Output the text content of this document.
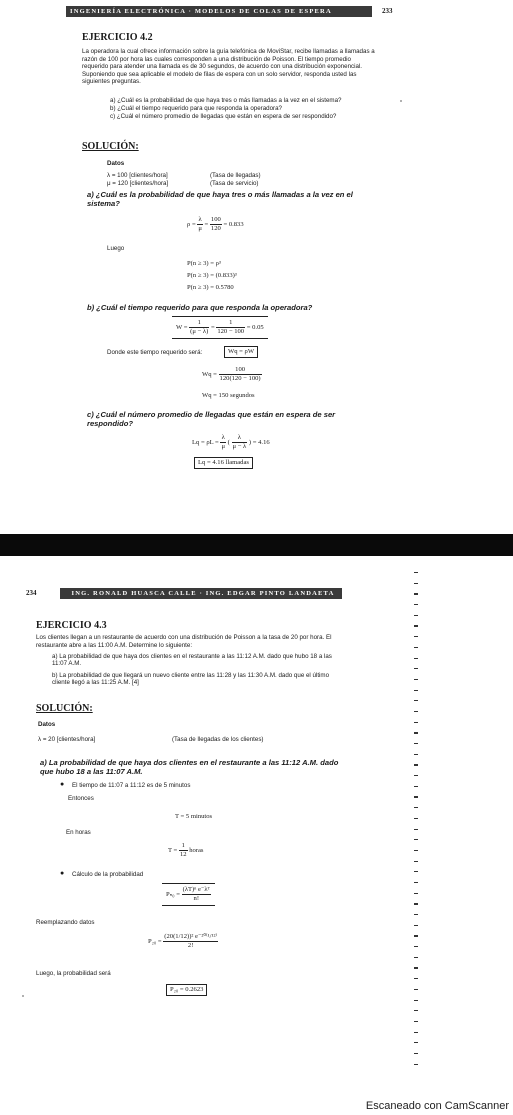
INGENIERÍA ELECTRÓNICA · MODELOS DE COLAS DE ESPERA	233
EJERCICIO 4.2
La operadora la cual ofrece información sobre la guía telefónica de MoviStar, recibe llamadas a llamadas a razón de 100 por hora las cuales corresponden a una distribución de Poisson. El tiempo promedio requerido para atender una llamada es de 30 segundos, de acuerdo con una distribución exponencial. Suponiendo que sea aplicable el modelo de filas de espera con un solo servidor, responda usted las siguientes preguntas.
a) ¿Cuál es la probabilidad de que haya tres o más llamadas a la vez en el sistema?
b) ¿Cuál el tiempo requerido para que responda la operadora?
c) ¿Cuál el número promedio de llegadas que están en espera de ser respondido?
SOLUCIÓN:
Datos
λ = 100 [clientes/hora]	(Tasa de llegadas)
μ = 120 [clientes/hora]	(Tasa de servicio)
a) ¿Cuál es la probabilidad de que haya tres o más llamadas a la vez en el sistema?
$\rho = \frac{\lambda}{\mu} = \frac{100}{120} = 0.833$
Luego
P(n ≥ 3) = ρ³
P(n ≥ 3) = (0.833)³
P(n ≥ 3) = 0.5780
b) ¿Cuál el tiempo requerido para que responda la operadora?
$W = \frac{1}{(\mu - \lambda)} = \frac{1}{120 - 100} = 0.05$
Donde este tiempo requerido será:	Wq = ρW
$Wq = \frac{100}{120(120 - 100)}$
Wq = 150 segundos
c) ¿Cuál el número promedio de llegadas que están en espera de ser respondido?
$Lq = \rho L = \frac{\lambda}{\mu}$ ( $\frac{\lambda}{\mu - \lambda}$ ) = 4.16
Lq = 4.16 llamadas
234	ING. RONALD HUASCA CALLE · ING. EDGAR PINTO LANDAETA
EJERCICIO 4.3
Los clientes llegan a un restaurante de acuerdo con una distribución de Poisson a la tasa de 20 por hora. El restaurante abre a las 11:00 A.M. Determine lo siguiente:
a) La probabilidad de que haya dos clientes en el restaurante a las 11:12 A.M. dado que hubo 18 a las 11:07 A.M.
b) La probabilidad de que llegará un nuevo cliente entre las 11:28 y las 11:30 A.M. dado que el último cliente llegó a las 11:25 A.M. [4]
SOLUCIÓN:
Datos
λ = 20 [clientes/hora]	(Tasa de llegadas de los clientes)
a) La probabilidad de que haya dos clientes en el restaurante a las 11:12 A.M. dado que hubo 18 a las 11:07 A.M.
● El tiempo de 11:07 a 11:12 es de 5 minutos
Entonces
T = 5 minutos
En horas
$T = \frac{1}{12}$ horas
● Cálculo de la probabilidad
$P_{n0} = \frac{\text{(λT)ⁿ e⁻λᵀ}}{n!}$
Reemplazando datos
$P_{20} = \frac{\text{(20(1/12))² e⁻²⁰⁽¹/¹²⁾}}{2!}$
Luego, la probabilidad será
P₂₀ = 0.2623
Escaneado con CamScanner
